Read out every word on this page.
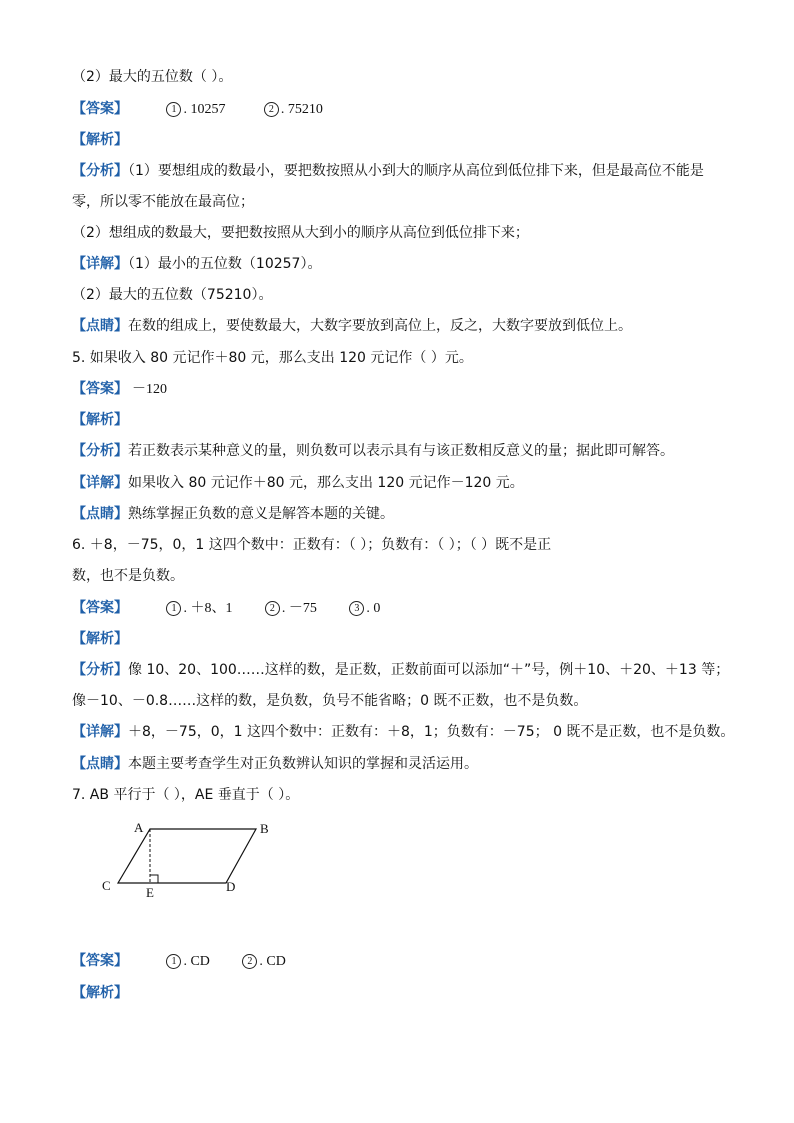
（2）最大的五位数（ ）。
【答案】	1 . 10257	2 . 75210
【解析】
【分析】（1）要想组成的数最小，要把数按照从小到大的顺序从高位到低位排下来，但是最高位不能是
零，所以零不能放在最高位；
（2）想组成的数最大，要把数按照从大到小的顺序从高位到低位排下来；
【详解】（1）最小的五位数（10257）。
（2）最大的五位数（75210）。
【点睛】在数的组成上，要使数最大，大数字要放到高位上，反之，大数字要放到低位上。
5. 如果收入 80 元记作＋80 元，那么支出 120 元记作（ ）元。
【答案】 －120
【解析】
【分析】若正数表示某种意义的量，则负数可以表示具有与该正数相反意义的量；据此即可解答。
【详解】如果收入 80 元记作＋80 元，那么支出 120 元记作－120 元。
【点睛】熟练掌握正负数的意义是解答本题的关键。
6. ＋8，－75，0，1 这四个数中：正数有：（ ）；负数有：（ ）；（ ）既不是正
数，也不是负数。
【答案】	1 . ＋8、1	2 . －75	3 . 0
【解析】
【分析】像 10、20、100……这样的数，是正数，正数前面可以添加“＋”号，例＋10、＋20、＋13 等；
像－10、－0.8……这样的数，是负数，负号不能省略；0 既不正数，也不是负数。
【详解】＋8，－75，0，1 这四个数中：正数有：＋8，1；负数有：－75； 0 既不是正数，也不是负数。
【点睛】本题主要考查学生对正负数辨认知识的掌握和灵活运用。
7. AB 平行于（ ），AE 垂直于（ ）。
A	B
C	D
E
【答案】	1 . CD	2 . CD
【解析】
